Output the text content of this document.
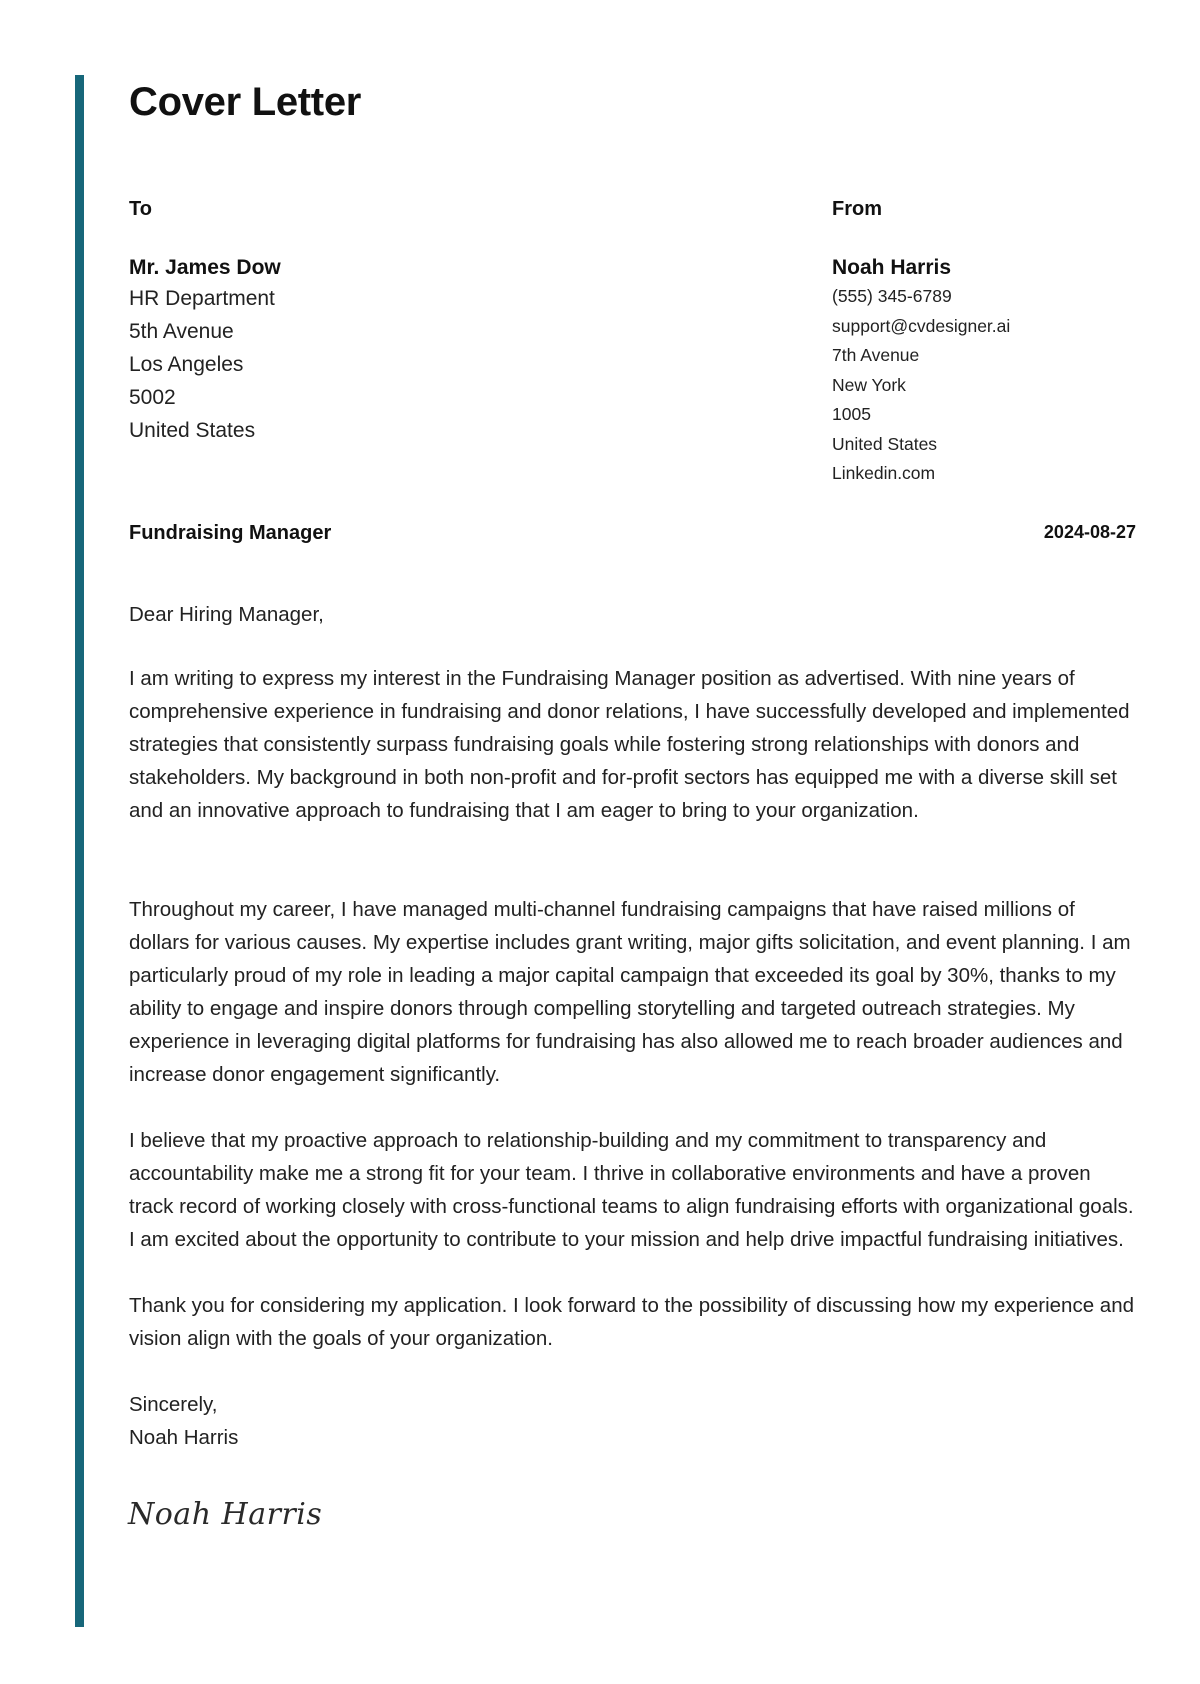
Cover Letter
To
Mr. James Dow
HR Department
5th Avenue
Los Angeles
5002
United States
From
Noah Harris
(555) 345-6789
support@cvdesigner.ai
7th Avenue
New York
1005
United States
Linkedin.com
Fundraising Manager	2024-08-27

Dear Hiring Manager,

I am writing to express my interest in the Fundraising Manager position as advertised. With nine years of comprehensive experience in fundraising and donor relations, I have successfully developed and implemented strategies that consistently surpass fundraising goals while fostering strong relationships with donors and stakeholders. My background in both non-profit and for-profit sectors has equipped me with a diverse skill set and an innovative approach to fundraising that I am eager to bring to your organization.

Throughout my career, I have managed multi-channel fundraising campaigns that have raised millions of dollars for various causes. My expertise includes grant writing, major gifts solicitation, and event planning. I am particularly proud of my role in leading a major capital campaign that exceeded its goal by 30%, thanks to my ability to engage and inspire donors through compelling storytelling and targeted outreach strategies. My experience in leveraging digital platforms for fundraising has also allowed me to reach broader audiences and increase donor engagement significantly.

I believe that my proactive approach to relationship-building and my commitment to transparency and accountability make me a strong fit for your team. I thrive in collaborative environments and have a proven track record of working closely with cross-functional teams to align fundraising efforts with organizational goals. I am excited about the opportunity to contribute to your mission and help drive impactful fundraising initiatives.

Thank you for considering my application. I look forward to the possibility of discussing how my experience and vision align with the goals of your organization.

Sincerely,

Noah Harris

Noah Harris
